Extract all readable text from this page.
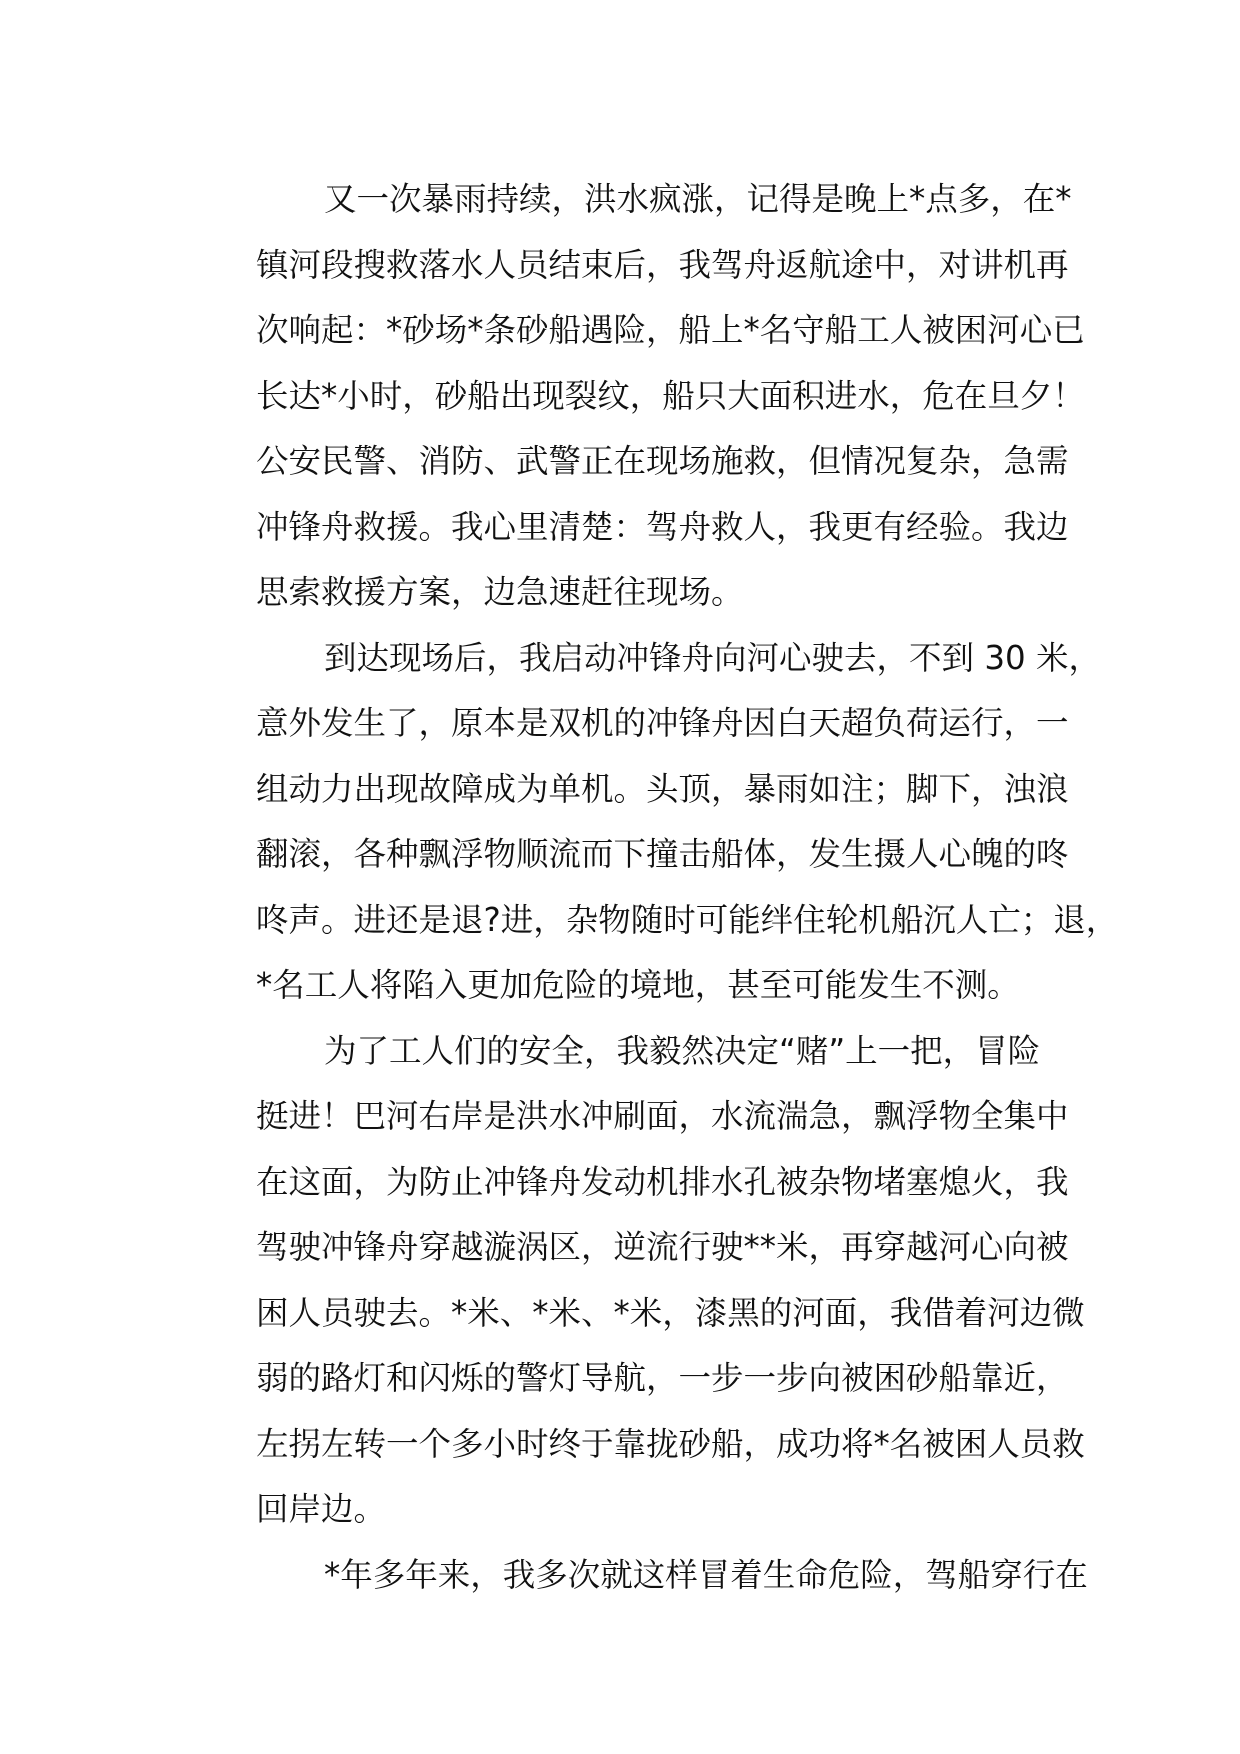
又一次暴雨持续，洪水疯涨，记得是晚上*点多，在*
镇河段搜救落水人员结束后，我驾舟返航途中，对讲机再
次响起：*砂场*条砂船遇险，船上*名守船工人被困河心已
长达*小时，砂船出现裂纹，船只大面积进水，危在旦夕！
公安民警、消防、武警正在现场施救，但情况复杂，急需
冲锋舟救援。我心里清楚：驾舟救人，我更有经验。我边
思索救援方案，边急速赶往现场。
到达现场后，我启动冲锋舟向河心驶去，不到 30 米，
意外发生了，原本是双机的冲锋舟因白天超负荷运行，一
组动力出现故障成为单机。头顶，暴雨如注；脚下，浊浪
翻滚，各种飘浮物顺流而下撞击船体，发生摄人心魄的咚
咚声。进还是退?进，杂物随时可能绊住轮机船沉人亡；退，
*名工人将陷入更加危险的境地，甚至可能发生不测。
为了工人们的安全，我毅然决定“赌”上一把，冒险
挺进！巴河右岸是洪水冲刷面，水流湍急，飘浮物全集中
在这面，为防止冲锋舟发动机排水孔被杂物堵塞熄火，我
驾驶冲锋舟穿越漩涡区，逆流行驶**米，再穿越河心向被
困人员驶去。*米、*米、*米，漆黑的河面，我借着河边微
弱的路灯和闪烁的警灯导航，一步一步向被困砂船靠近，
左拐左转一个多小时终于靠拢砂船，成功将*名被困人员救
回岸边。
*年多年来，我多次就这样冒着生命危险，驾船穿行在
